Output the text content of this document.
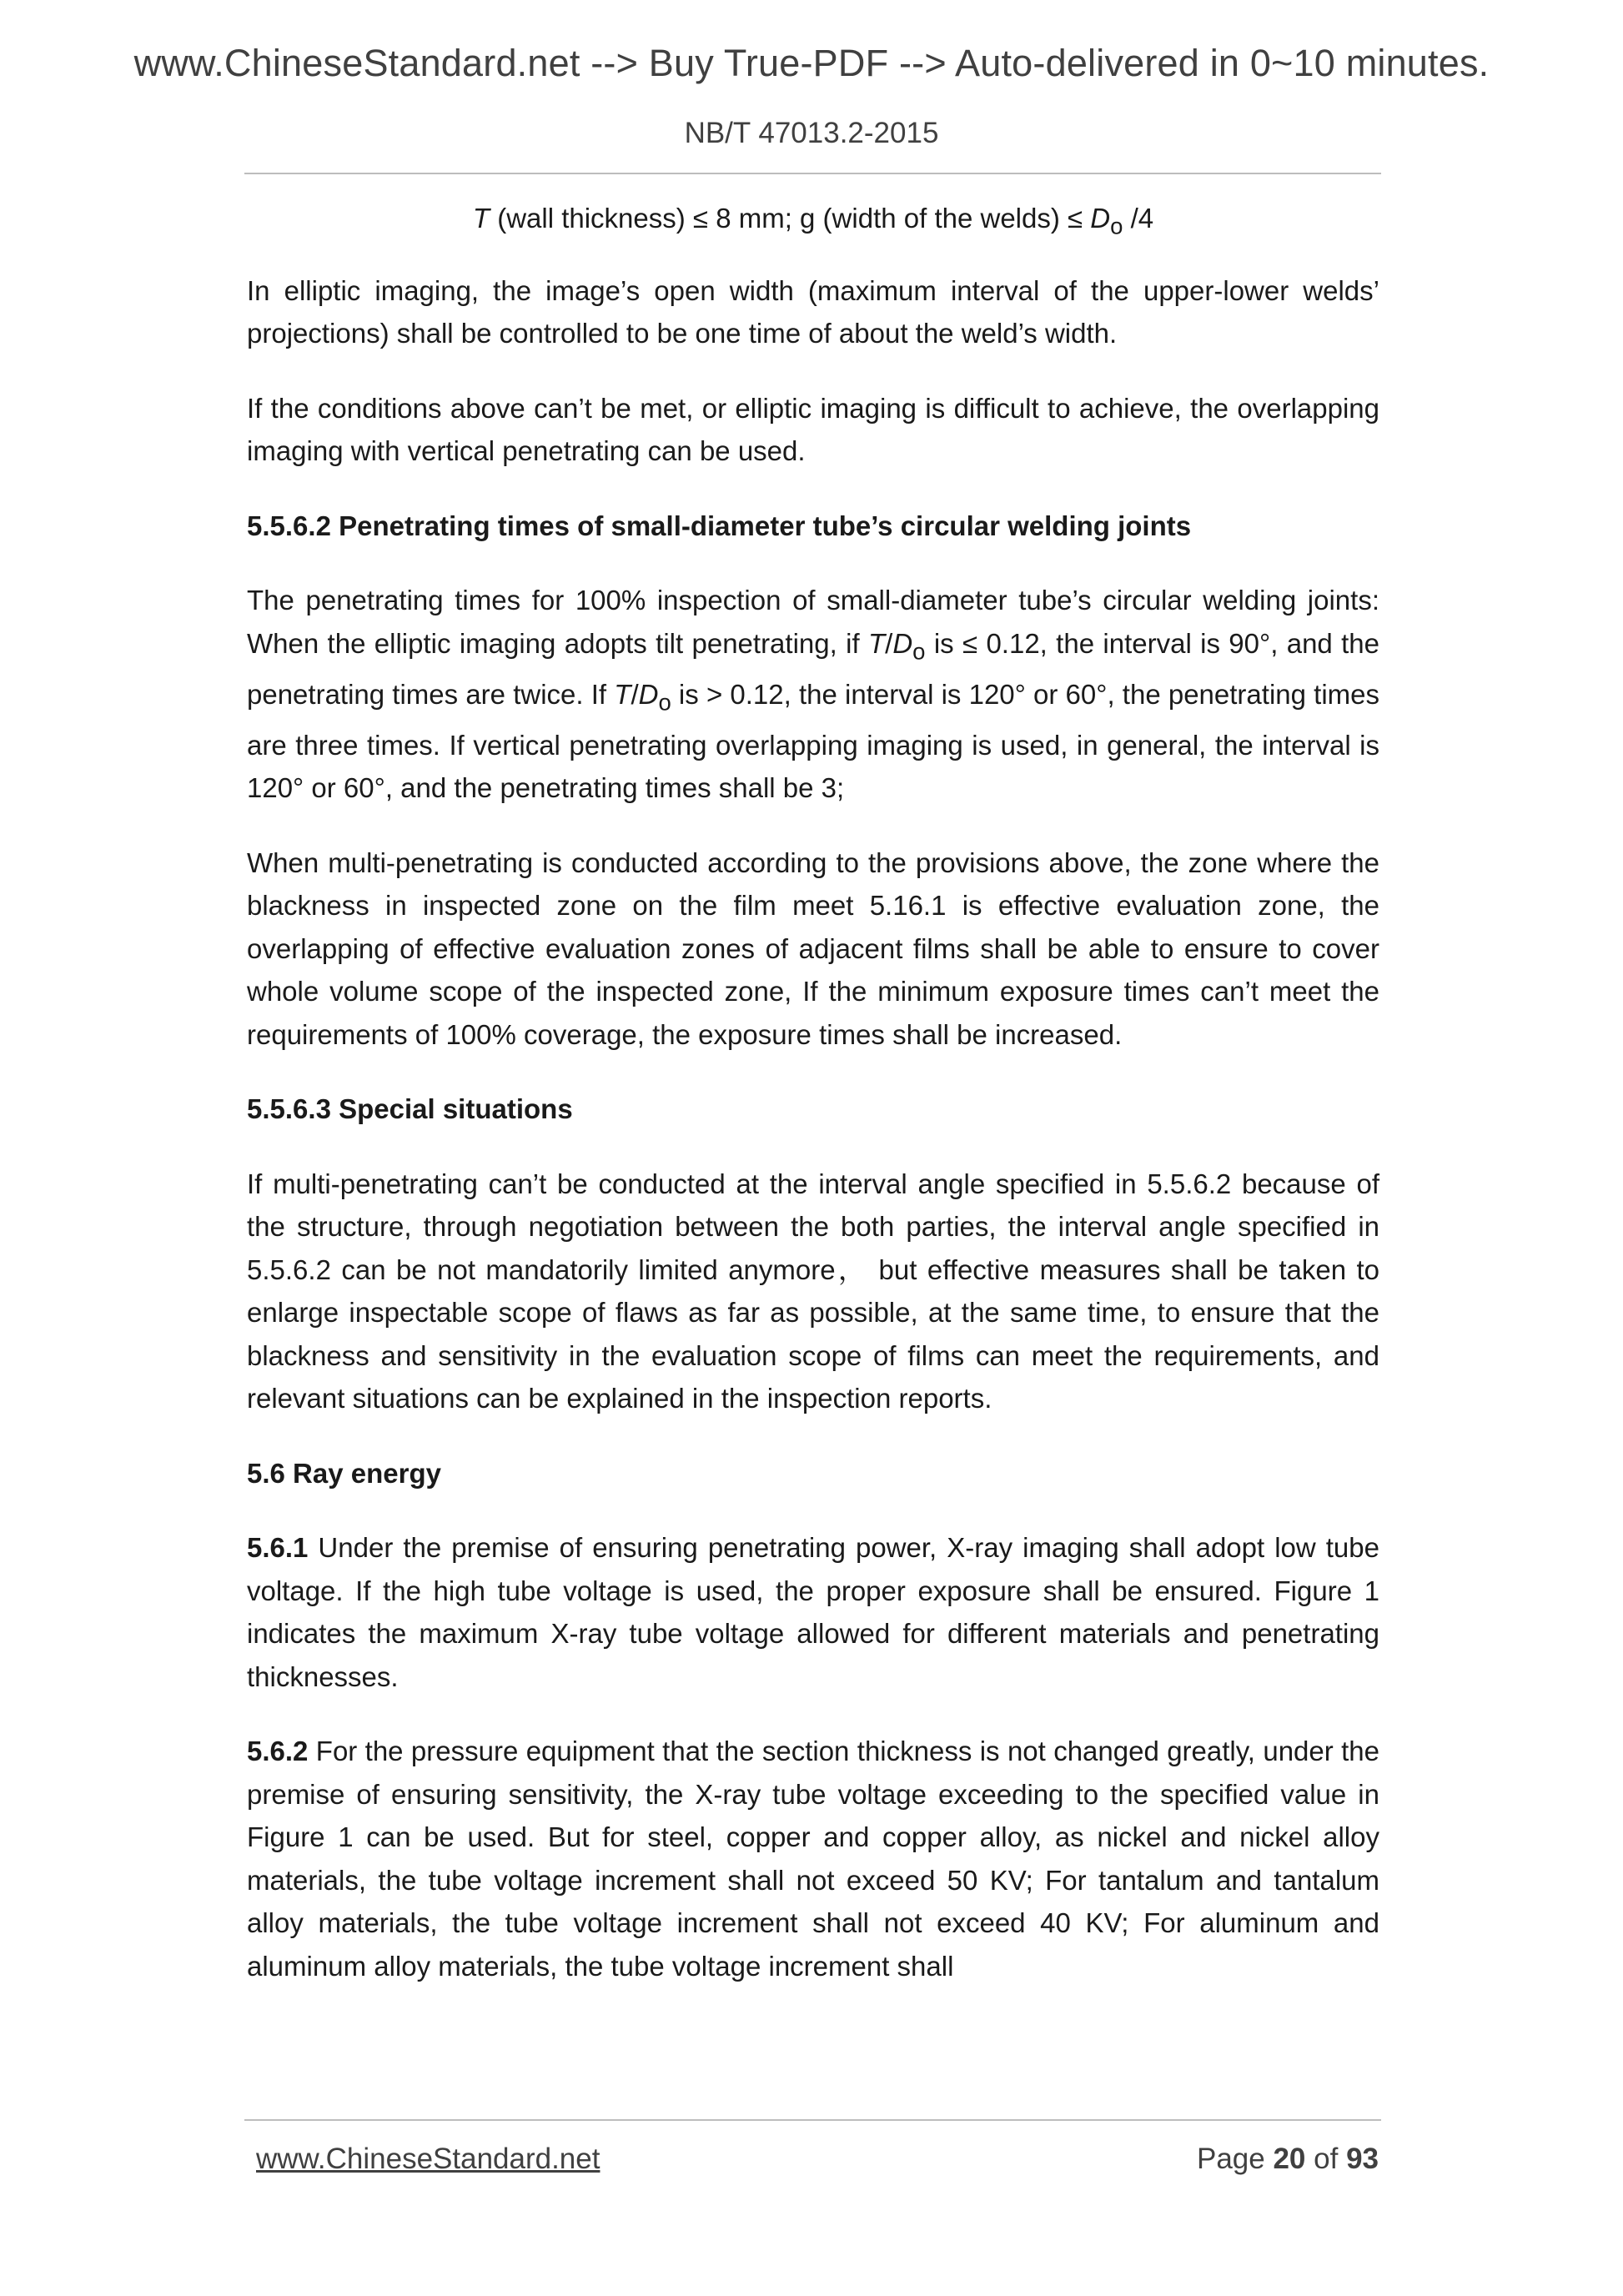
www.ChineseStandard.net --> Buy True-PDF --> Auto-delivered in 0~10 minutes.
NB/T 47013.2-2015
T (wall thickness) ≤ 8 mm; g (width of the welds) ≤ $D_o$ /4

In elliptic imaging, the image’s open width (maximum interval of the upper-lower welds’ projections) shall be controlled to be one time of about the weld’s width.

If the conditions above can’t be met, or elliptic imaging is difficult to achieve, the overlapping imaging with vertical penetrating can be used.

5.5.6.2 Penetrating times of small-diameter tube’s circular welding joints

The penetrating times for 100% inspection of small-diameter tube’s circular welding joints: When the elliptic imaging adopts tilt penetrating, if $T/D_o$ is ≤ 0.12, the interval is 90°, and the penetrating times are twice. If $T/D_o$ is > 0.12, the interval is 120° or 60°, the penetrating times are three times. If vertical penetrating overlapping imaging is used, in general, the interval is 120° or 60°, and the penetrating times shall be 3;

When multi-penetrating is conducted according to the provisions above, the zone where the blackness in inspected zone on the film meet 5.16.1 is effective evaluation zone, the overlapping of effective evaluation zones of adjacent films shall be able to ensure to cover whole volume scope of the inspected zone, If the minimum exposure times can’t meet the requirements of 100% coverage, the exposure times shall be increased.

5.5.6.3 Special situations

If multi-penetrating can’t be conducted at the interval angle specified in 5.5.6.2 because of the structure, through negotiation between the both parties, the interval angle specified in 5.5.6.2 can be not mandatorily limited anymore， but effective measures shall be taken to enlarge inspectable scope of flaws as far as possible, at the same time, to ensure that the blackness and sensitivity in the evaluation scope of films can meet the requirements, and relevant situations can be explained in the inspection reports.

5.6 Ray energy

5.6.1 Under the premise of ensuring penetrating power, X-ray imaging shall adopt low tube voltage. If the high tube voltage is used, the proper exposure shall be ensured. Figure 1 indicates the maximum X-ray tube voltage allowed for different materials and penetrating thicknesses.

5.6.2 For the pressure equipment that the section thickness is not changed greatly, under the premise of ensuring sensitivity, the X-ray tube voltage exceeding to the specified value in Figure 1 can be used. But for steel, copper and copper alloy, as nickel and nickel alloy materials, the tube voltage increment shall not exceed 50 KV; For tantalum and tantalum alloy materials, the tube voltage increment shall not exceed 40 KV; For aluminum and aluminum alloy materials, the tube voltage increment shall

www.ChineseStandard.net	Page 20 of 93
